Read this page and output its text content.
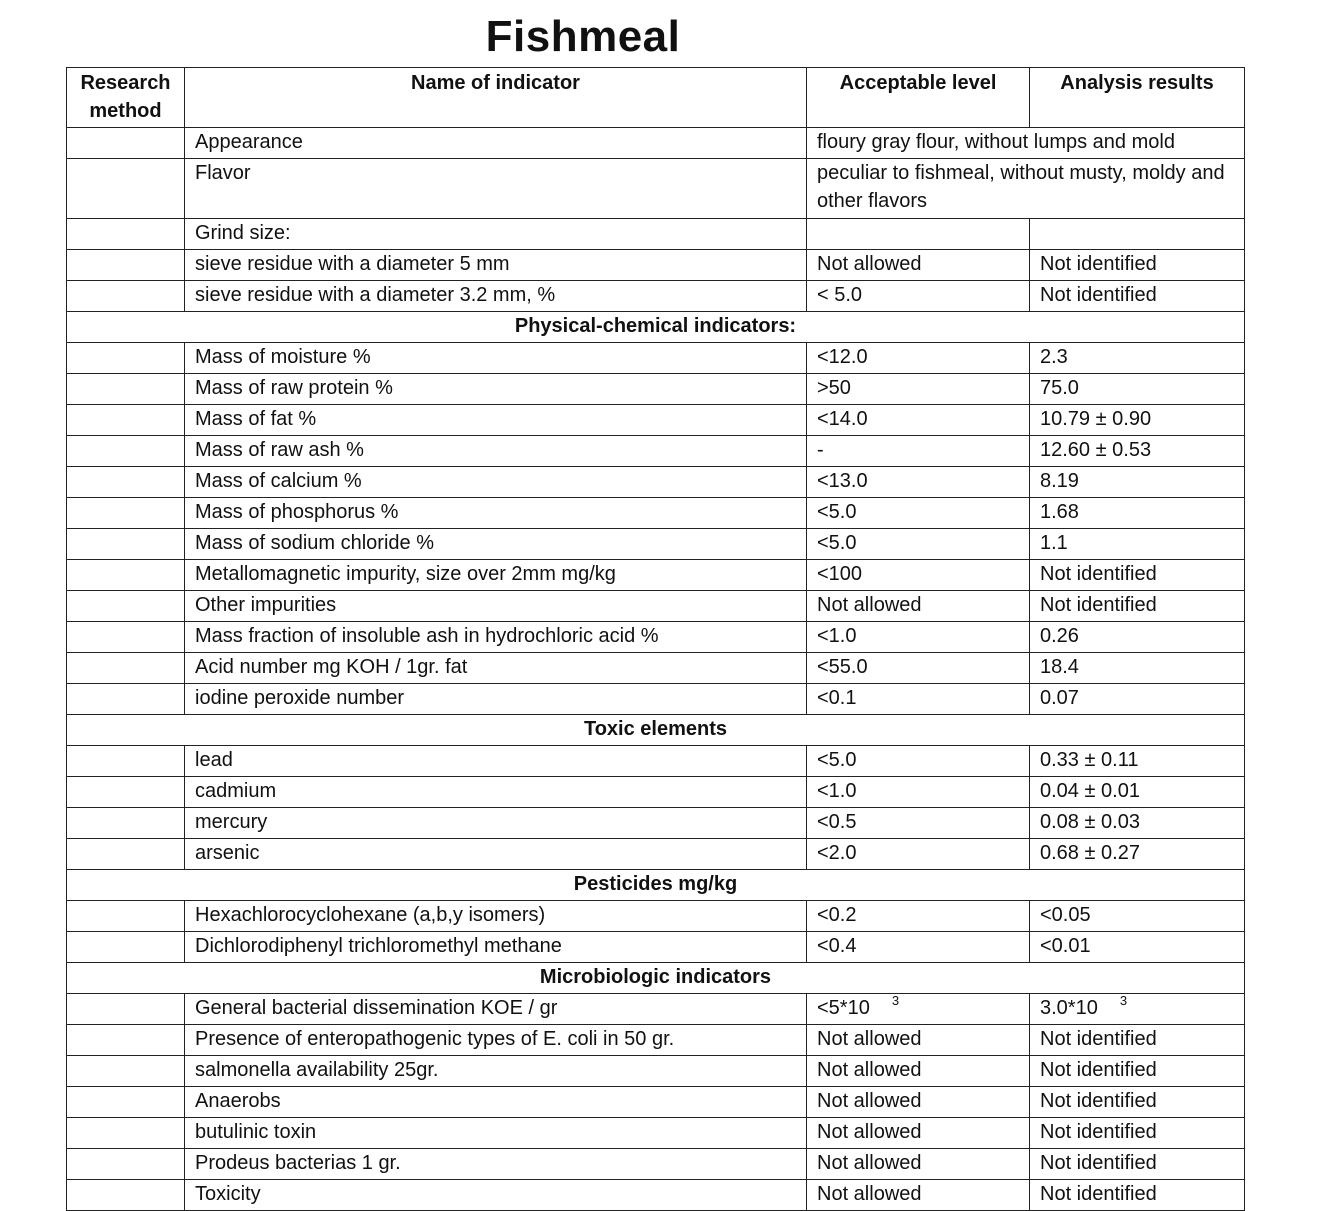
Fishmeal
Research method	Name of indicator	Acceptable level	Analysis results
	Appearance	floury gray flour, without lumps and mold	
	Flavor	peculiar to fishmeal, without musty, moldy and other flavors	
	Grind size:		
	sieve residue with a diameter 5 mm	Not allowed	Not identified
	sieve residue with a diameter 3.2 mm, %	< 5.0	Not identified
Physical-chemical indicators:			
	Mass of moisture %	<12.0	2.3
	Mass of raw protein %	>50	75.0
	Mass of fat %	<14.0	10.79 ± 0.90
	Mass of raw ash %	-	12.60 ± 0.53
	Mass of calcium %	<13.0	8.19
	Mass of phosphorus %	<5.0	1.68
	Mass of sodium chloride %	<5.0	1.1
	Metallomagnetic impurity, size over 2mm mg/kg	<100	Not identified
	Other impurities	Not allowed	Not identified
	Mass fraction of insoluble ash in hydrochloric acid %	<1.0	0.26
	Acid number mg KOH / 1gr. fat	<55.0	18.4
	iodine peroxide number	<0.1	0.07
Toxic elements			
	lead	<5.0	0.33 ± 0.11
	cadmium	<1.0	0.04 ± 0.01
	mercury	<0.5	0.08 ± 0.03
	arsenic	<2.0	0.68 ± 0.27
Pesticides mg/kg			
	Hexachlorocyclohexane (a,b,y isomers)	<0.2	<0.05
	Dichlorodiphenyl trichloromethyl methane	<0.4	<0.01
Microbiologic indicators			
	General bacterial dissemination KOE / gr	<5*10 $^3$	3.0*10 $^3$
	Presence of enteropathogenic types of E. coli in 50 gr.	Not allowed	Not identified
	salmonella availability 25gr.	Not allowed	Not identified
	Anaerobs	Not allowed	Not identified
	butulinic toxin	Not allowed	Not identified
	Prodeus bacterias 1 gr.	Not allowed	Not identified
	Toxicity	Not allowed	Not identified
